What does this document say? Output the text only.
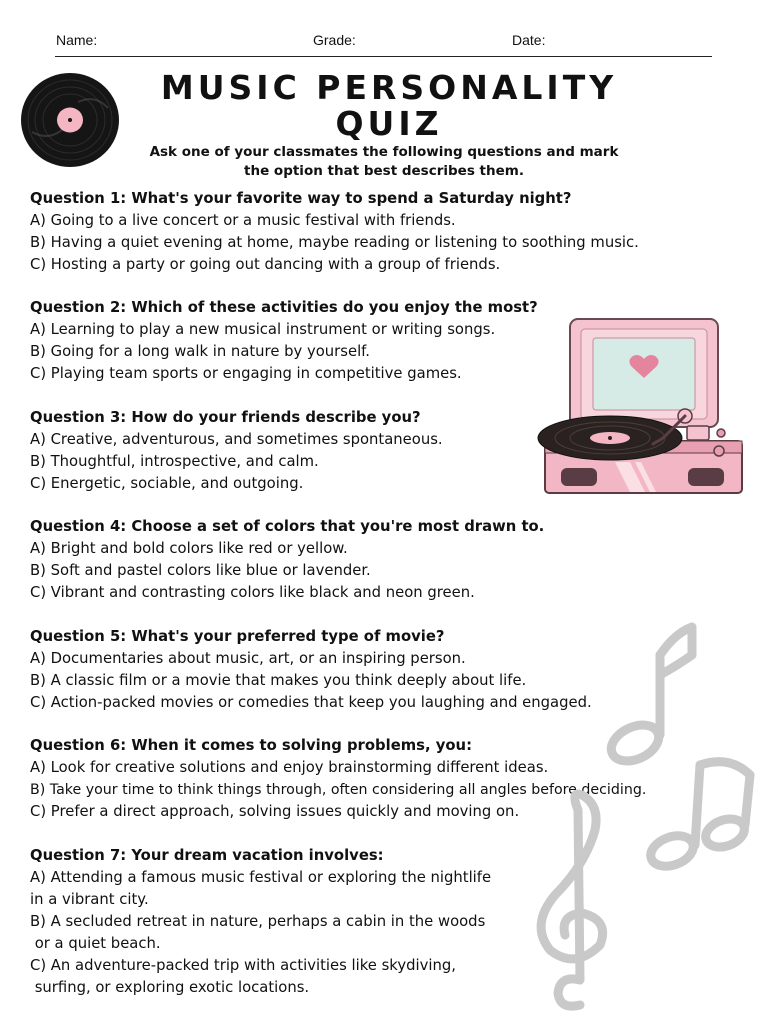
Name:	Grade:	Date:
MUSIC PERSONALITY
QUIZ
Ask one of your classmates the following questions and mark
the option that best describes them.
Question 1: What's your favorite way to spend a Saturday night?
A) Going to a live concert or a music festival with friends.
B) Having a quiet evening at home, maybe reading or listening to soothing music.
C) Hosting a party or going out dancing with a group of friends.
Question 2: Which of these activities do you enjoy the most?
A) Learning to play a new musical instrument or writing songs.
B) Going for a long walk in nature by yourself.
C) Playing team sports or engaging in competitive games.
Question 3: How do your friends describe you?
A) Creative, adventurous, and sometimes spontaneous.
B) Thoughtful, introspective, and calm.
C) Energetic, sociable, and outgoing.
Question 4: Choose a set of colors that you're most drawn to.
A) Bright and bold colors like red or yellow.
B) Soft and pastel colors like blue or lavender.
C) Vibrant and contrasting colors like black and neon green.
Question 5: What's your preferred type of movie?
A) Documentaries about music, art, or an inspiring person.
B) A classic film or a movie that makes you think deeply about life.
C) Action-packed movies or comedies that keep you laughing and engaged.
Question 6: When it comes to solving problems, you:
A) Look for creative solutions and enjoy brainstorming different ideas.
B) Take your time to think things through, often considering all angles before deciding.
C) Prefer a direct approach, solving issues quickly and moving on.
Question 7: Your dream vacation involves:
A) Attending a famous music festival or exploring the nightlife
in a vibrant city.
B) A secluded retreat in nature, perhaps a cabin in the woods
or a quiet beach.
C) An adventure-packed trip with activities like skydiving,
surfing, or exploring exotic locations.
